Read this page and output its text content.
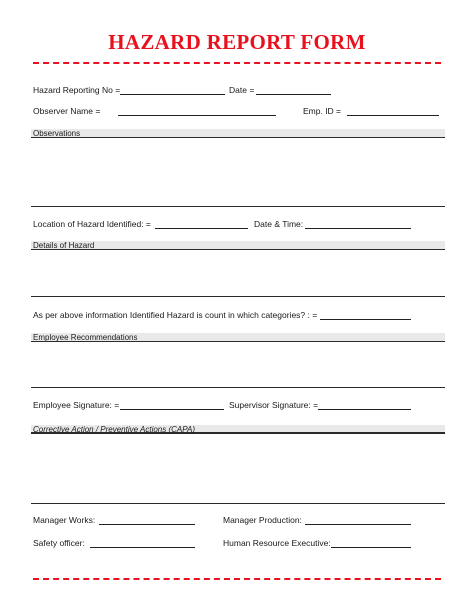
HAZARD REPORT FORM
Hazard Reporting No =	Date =
Observer Name =	Emp. ID =
Observations
Location of Hazard Identified: =	Date & Time:
Details of Hazard
As per above information Identified Hazard is count in which categories? : =
Employee Recommendations
Employee Signature: =	Supervisor Signature: =
Corrective Action / Preventive Actions (CAPA)
Manager Works:	Manager Production:
Safety officer:	Human Resource Executive:
